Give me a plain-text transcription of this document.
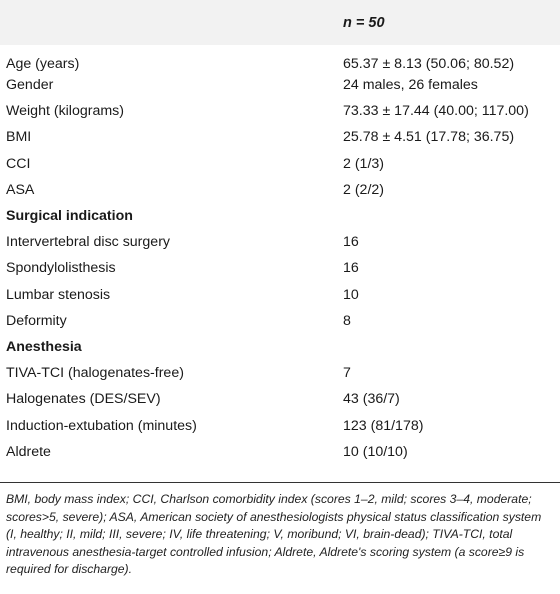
	n = 50
Age (years)	65.37 ± 8.13 (50.06; 80.52)
Gender	24 males, 26 females
Weight (kilograms)	73.33 ± 17.44 (40.00; 117.00)
BMI	25.78 ± 4.51 (17.78; 36.75)
CCI	2 (1/3)
ASA	2 (2/2)
Surgical indication	
Intervertebral disc surgery	16
Spondylolisthesis	16
Lumbar stenosis	10
Deformity	8
Anesthesia	
TIVA-TCI (halogenates-free)	7
Halogenates (DES/SEV)	43 (36/7)
Induction-extubation (minutes)	123 (81/178)
Aldrete	10 (10/10)
BMI, body mass index; CCI, Charlson comorbidity index (scores 1–2, mild; scores 3–4, moderate; scores>5, severe); ASA, American society of anesthesiologists physical status classification system (I, healthy; II, mild; III, severe; IV, life threatening; V, moribund; VI, brain-dead); TIVA-TCI, total intravenous anesthesia-target controlled infusion; Aldrete, Aldrete's scoring system (a score≥9 is required for discharge).
